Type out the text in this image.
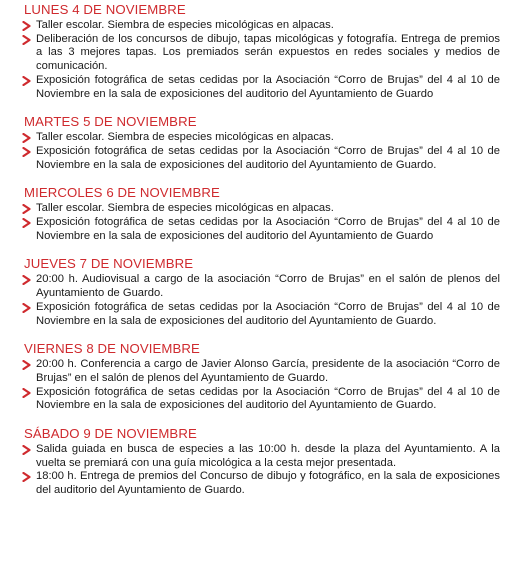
LUNES 4 DE NOVIEMBRE
Taller escolar. Siembra de especies micológicas en alpacas.
Deliberación de los concursos de dibujo, tapas micológicas y fotografía. Entrega de premios a las 3 mejores tapas. Los premiados serán expuestos en redes sociales y medios de comunicación.
Exposición fotográfica de setas cedidas por la Asociación “Corro de Brujas” del 4 al 10 de Noviembre en la sala de exposiciones del auditorio del Ayuntamiento de Guardo
MARTES 5 DE NOVIEMBRE
Taller escolar. Siembra de especies micológicas en alpacas.
Exposición fotográfica de setas cedidas por la Asociación “Corro de Brujas” del 4 al 10 de Noviembre en la sala de exposiciones del auditorio del Ayuntamiento de Guardo.
MIERCOLES 6 DE NOVIEMBRE
Taller escolar. Siembra de especies micológicas en alpacas.
Exposición fotográfica de setas cedidas por la Asociación “Corro de Brujas” del 4 al 10 de Noviembre en la sala de exposiciones del auditorio del Ayuntamiento de Guardo
JUEVES 7 DE NOVIEMBRE
20:00 h. Audiovisual a cargo de la asociación “Corro de Brujas” en el salón de plenos del Ayuntamiento de Guardo.
Exposición fotográfica de setas cedidas por la Asociación “Corro de Brujas” del 4 al 10 de Noviembre en la sala de exposiciones del auditorio del Ayuntamiento de Guardo.
VIERNES 8 DE NOVIEMBRE
20:00 h. Conferencia a cargo de Javier Alonso García, presidente de la asociación “Corro de Brujas” en el salón de plenos del Ayuntamiento de Guardo.
Exposición fotográfica de setas cedidas por la Asociación “Corro de Brujas” del 4 al 10 de Noviembre en la sala de exposiciones del auditorio del Ayuntamiento de Guardo.
SÁBADO 9 DE NOVIEMBRE
Salida guiada en busca de especies a las 10:00 h. desde la plaza del Ayuntamiento. A la vuelta se premiará con una guía micológica a la cesta mejor presentada.
18:00 h. Entrega de premios del Concurso de dibujo y fotográfico, en la sala de exposiciones del auditorio del Ayuntamiento de Guardo.
